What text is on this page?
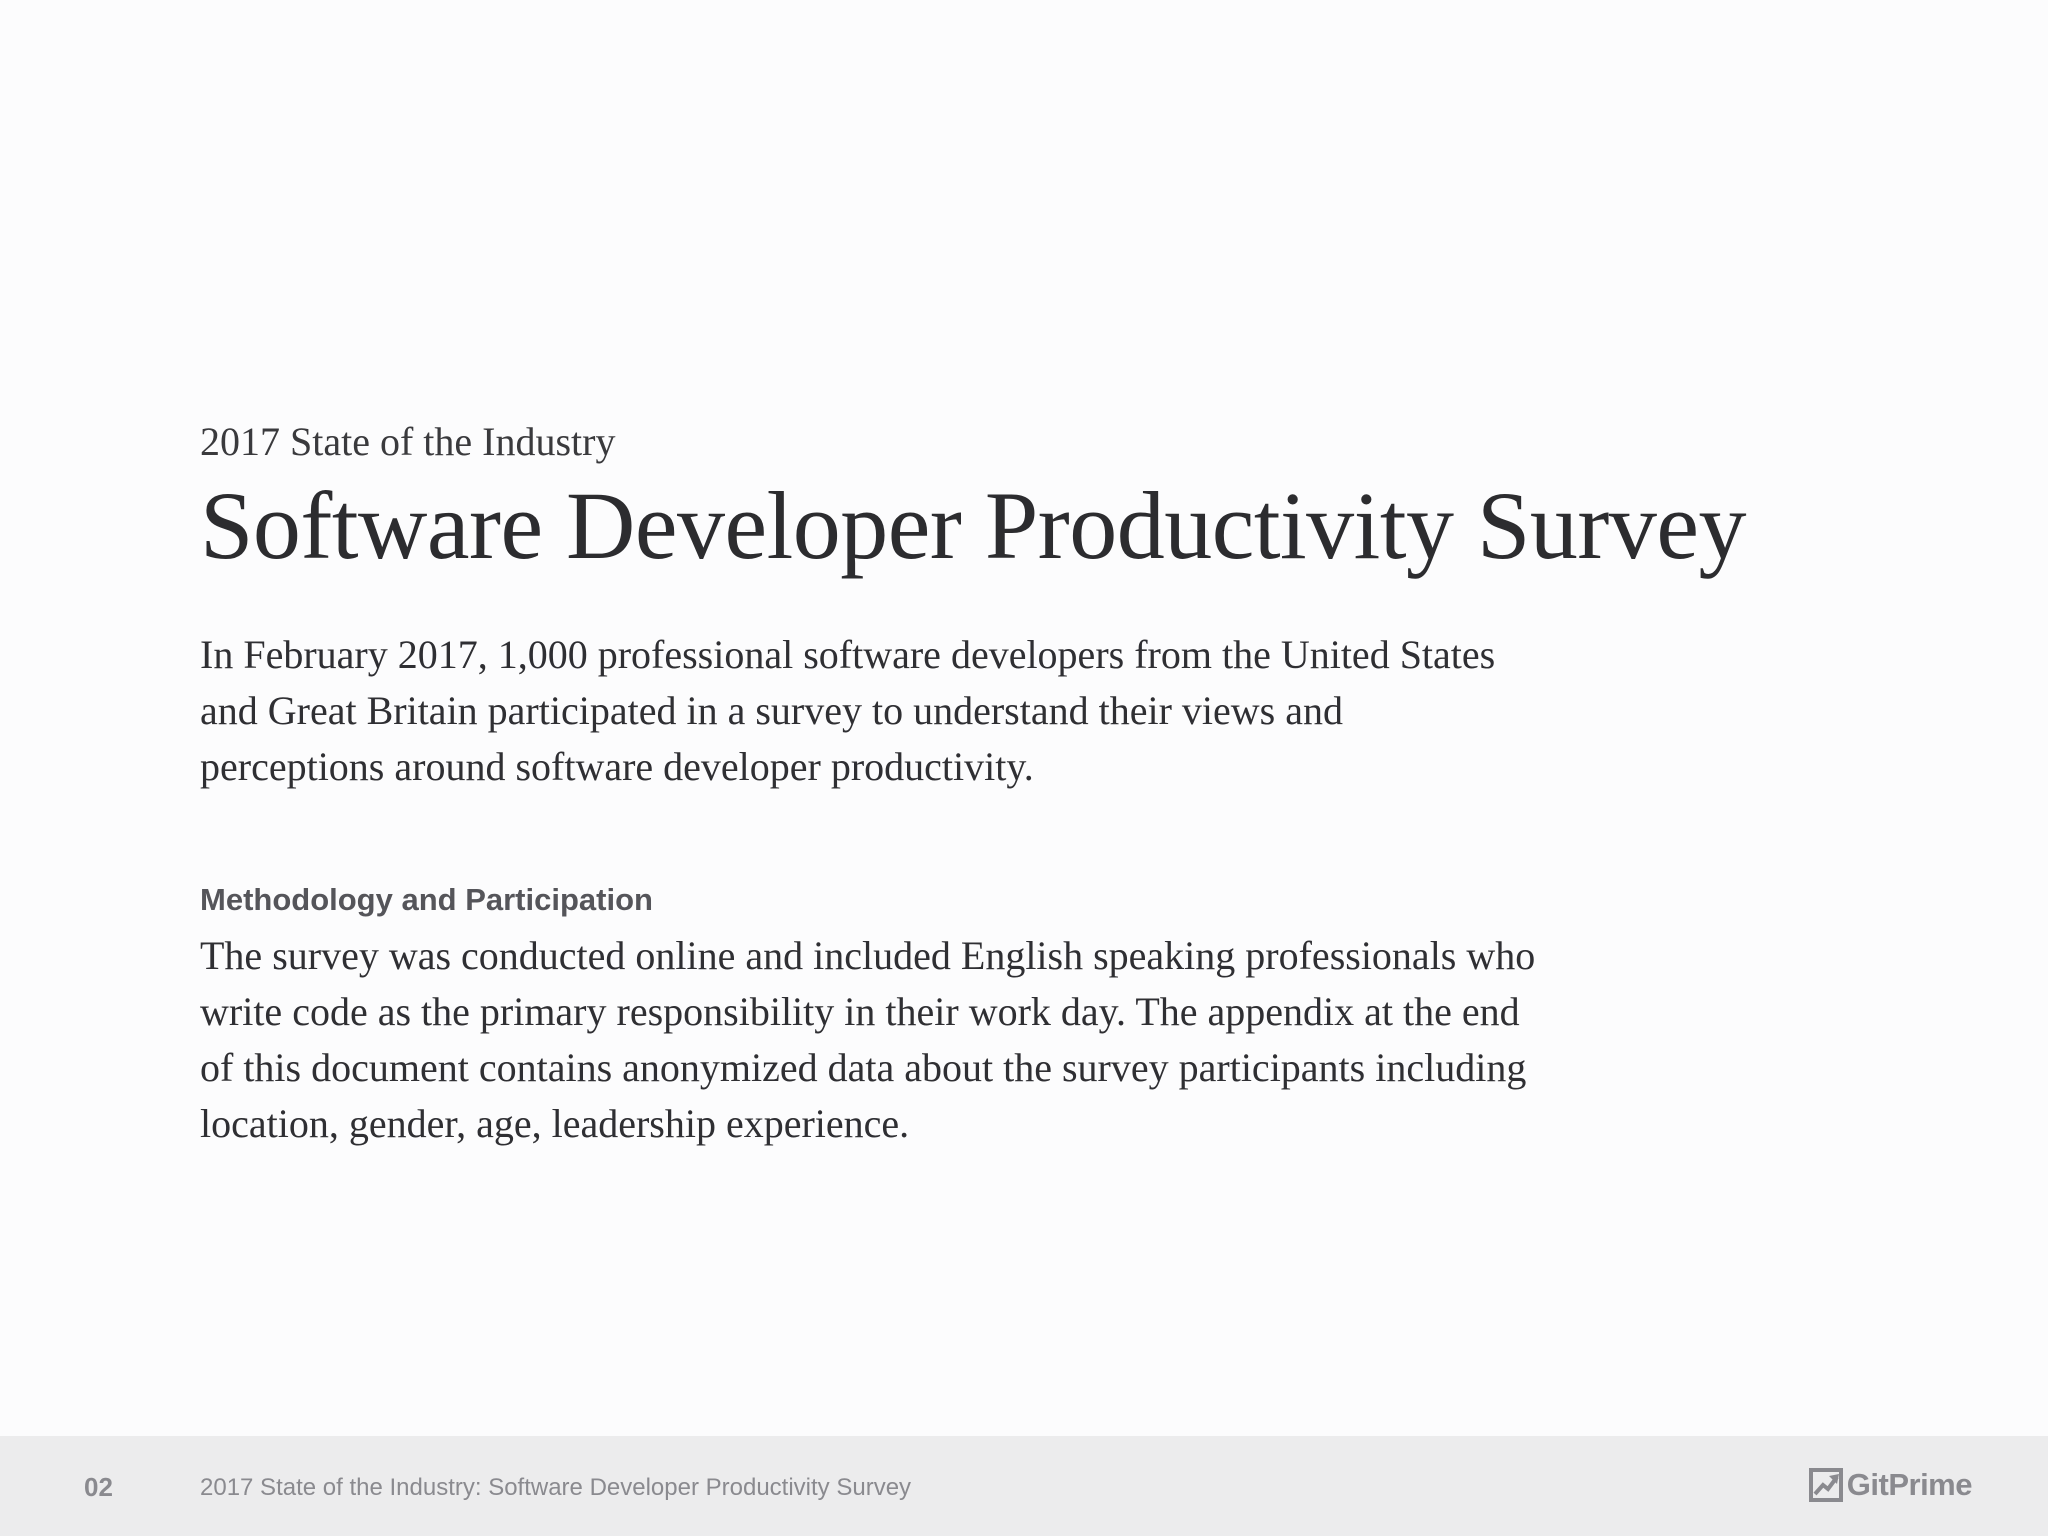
2017 State of the Industry
Software Developer Productivity Survey

In February 2017, 1,000 professional software developers from the United States and Great Britain participated in a survey to understand their views and perceptions around software developer productivity.

Methodology and Participation

The survey was conducted online and included English speaking professionals who write code as the primary responsibility in their work day. The appendix at the end of this document contains anonymized data about the survey participants including location, gender, age, leadership experience.

02	2017 State of the Industry: Software Developer Productivity Survey	GitPrime
